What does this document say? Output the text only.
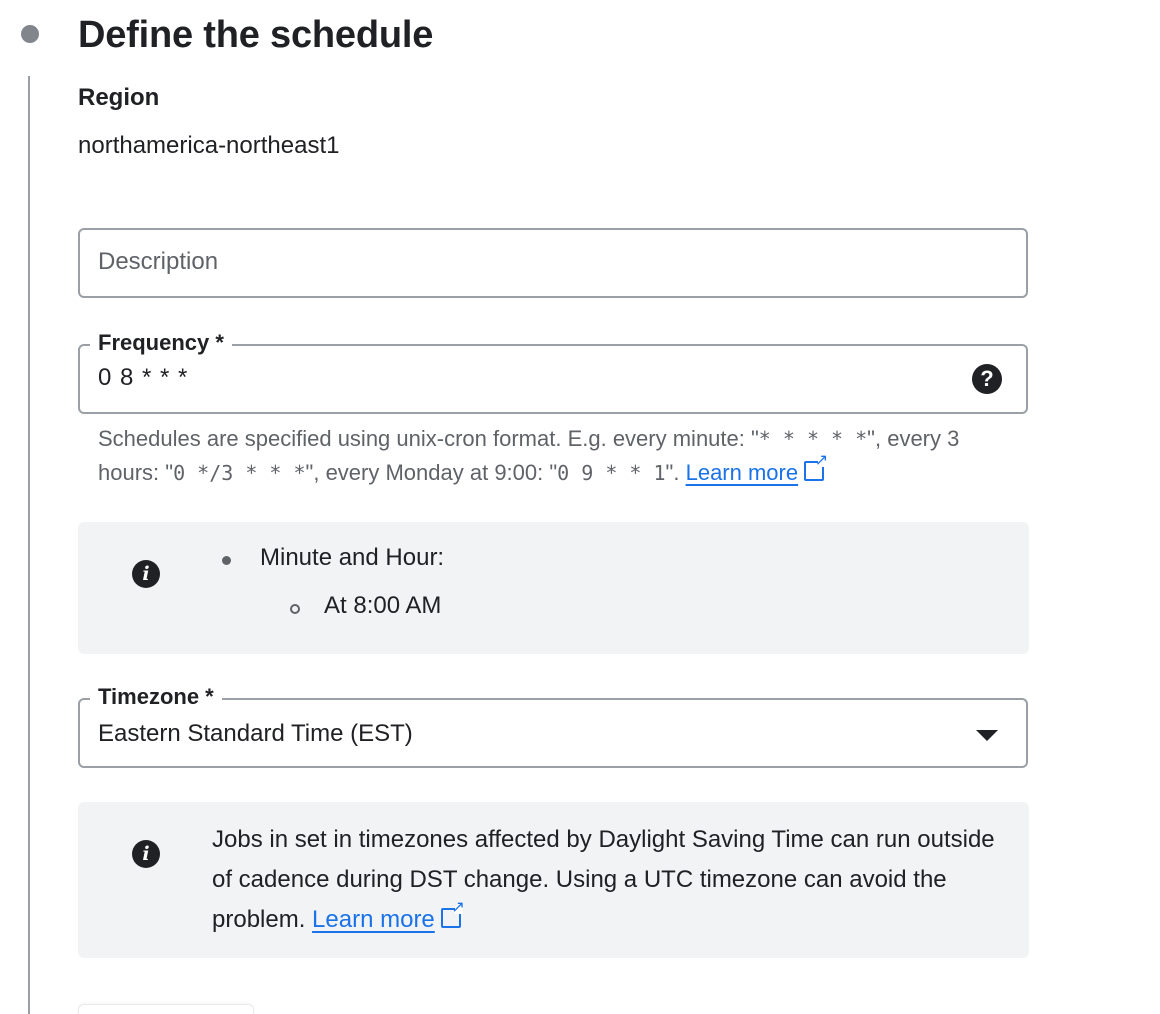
Define the schedule
Region
northamerica-northeast1
Description
Frequency *
0 8 * * *	?
Schedules are specified using unix-cron format. E.g. every minute: "* * * * *", every 3 hours: "0 */3 * * *", every Monday at 9:00: "0 9 * * 1". Learn more↗
i
Minute and Hour:
At 8:00 AM
Timezone *
Eastern Standard Time (EST)
i
Jobs in set in timezones affected by Daylight Saving Time can run outside of cadence during DST change. Using a UTC timezone can avoid the problem. Learn more↗
